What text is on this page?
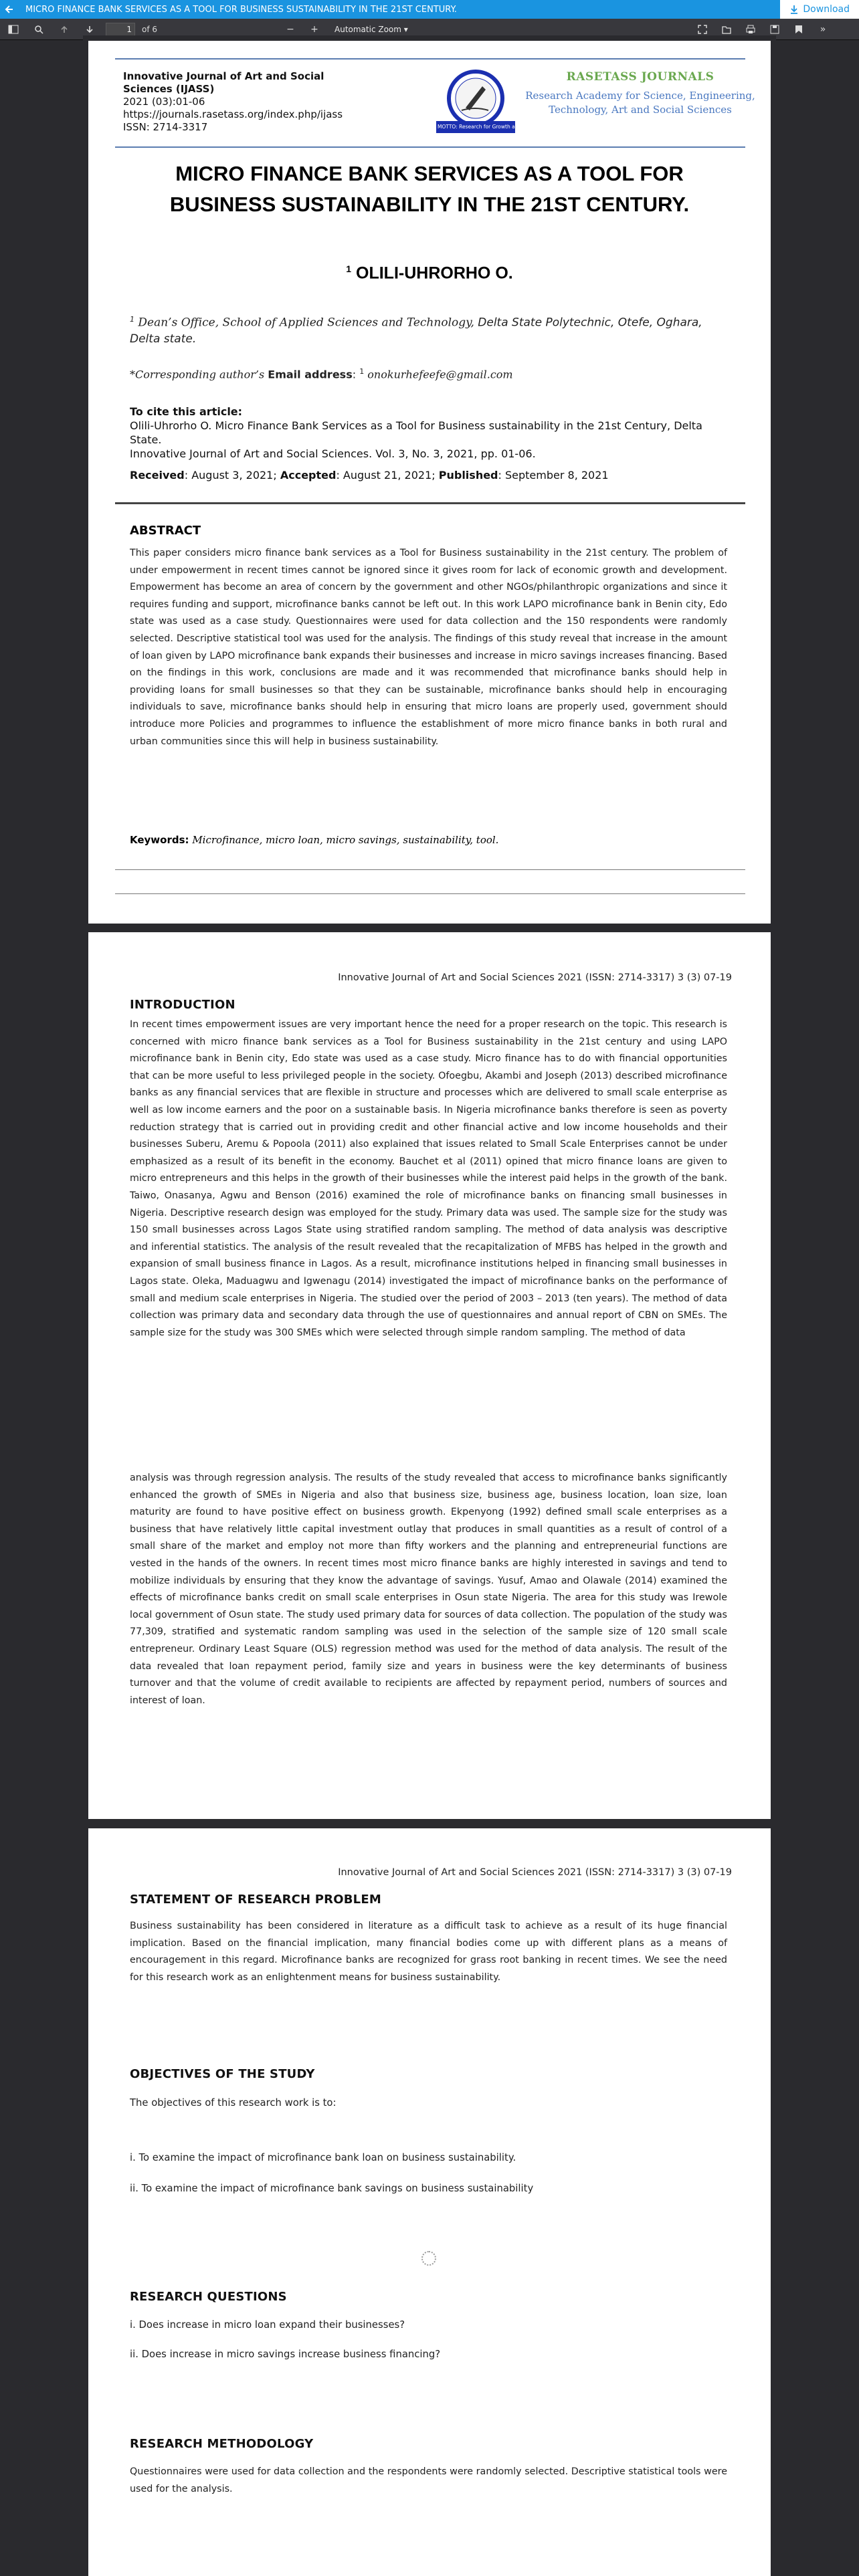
MICRO FINANCE BANK SERVICES AS A TOOL FOR BUSINESS SUSTAINABILITY IN THE 21ST CENTURY.	Download
1	of 6	−	+	Automatic Zoom ▾	»
Innovative Journal of Art and Social Sciences (IJASS)
2021 (03):01-06
https://journals.rasetass.org/index.php/ijass
ISSN: 2714-3317	MOTTO: Research for Growth and Development
RASETASS JOURNALS
Research Academy for Science, Engineering, Technology, Art and Social Sciences
MICRO FINANCE BANK SERVICES AS A TOOL FOR BUSINESS SUSTAINABILITY IN THE 21ST CENTURY.
$^1$ OLILI-UHRORHO O.
$^1$ Dean’s Office, School of Applied Sciences and Technology, Delta State Polytechnic, Otefe, Oghara, Delta state.
*Corresponding author’s Email address: $^1$ onokurhefeefe@gmail.com
To cite this article:
Olili-Uhrorho O. Micro Finance Bank Services as a Tool for Business sustainability in the 21st Century, Delta State.
Innovative Journal of Art and Social Sciences. Vol. 3, No. 3, 2021, pp. 01-06.
Received: August 3, 2021; Accepted: August 21, 2021; Published: September 8, 2021
ABSTRACT
This paper considers micro finance bank services as a Tool for Business sustainability in the 21st century. The problem of under empowerment in recent times cannot be ignored since it gives room for lack of economic growth and development. Empowerment has become an area of concern by the government and other NGOs/philanthropic organizations and since it requires funding and support, microfinance banks cannot be left out. In this work LAPO microfinance bank in Benin city, Edo state was used as a case study. Questionnaires were used for data collection and the 150 respondents were randomly selected. Descriptive statistical tool was used for the analysis. The findings of this study reveal that increase in the amount of loan given by LAPO microfinance bank expands their businesses and increase in micro savings increases financing. Based on the findings in this work, conclusions are made and it was recommended that microfinance banks should help in providing loans for small businesses so that they can be sustainable, microfinance banks should help in encouraging individuals to save, microfinance banks should help in ensuring that micro loans are properly used, government should introduce more Policies and programmes to influence the establishment of more micro finance banks in both rural and urban communities since this will help in business sustainability.
Keywords: Microfinance, micro loan, micro savings, sustainability, tool.
Innovative Journal of Art and Social Sciences 2021 (ISSN: 2714-3317) 3 (3) 07-19
INTRODUCTION
In recent times empowerment issues are very important hence the need for a proper research on the topic. This research is concerned with micro finance bank services as a Tool for Business sustainability in the 21st century and using LAPO microfinance bank in Benin city, Edo state was used as a case study. Micro finance has to do with financial opportunities that can be more useful to less privileged people in the society. Ofoegbu, Akambi and Joseph (2013) described microfinance banks as any financial services that are flexible in structure and processes which are delivered to small scale enterprise as well as low income earners and the poor on a sustainable basis. In Nigeria microfinance banks therefore is seen as poverty reduction strategy that is carried out in providing credit and other financial active and low income households and their businesses Suberu, Aremu & Popoola (2011) also explained that issues related to Small Scale Enterprises cannot be under emphasized as a result of its benefit in the economy. Bauchet et al (2011) opined that micro finance loans are given to micro entrepreneurs and this helps in the growth of their businesses while the interest paid helps in the growth of the bank. Taiwo, Onasanya, Agwu and Benson (2016) examined the role of microfinance banks on financing small businesses in Nigeria. Descriptive research design was employed for the study. Primary data was used. The sample size for the study was 150 small businesses across Lagos State using stratified random sampling. The method of data analysis was descriptive and inferential statistics. The analysis of the result revealed that the recapitalization of MFBS has helped in the growth and expansion of small business finance in Lagos. As a result, microfinance institutions helped in financing small businesses in Lagos state. Oleka, Maduagwu and Igwenagu (2014) investigated the impact of microfinance banks on the performance of small and medium scale enterprises in Nigeria. The studied over the period of 2003 – 2013 (ten years). The method of data collection was primary data and secondary data through the use of questionnaires and annual report of CBN on SMEs. The sample size for the study was 300 SMEs which were selected through simple random sampling. The method of data
analysis was through regression analysis. The results of the study revealed that access to microfinance banks significantly enhanced the growth of SMEs in Nigeria and also that business size, business age, business location, loan size, loan maturity are found to have positive effect on business growth. Ekpenyong (1992) defined small scale enterprises as a business that have relatively little capital investment outlay that produces in small quantities as a result of control of a small share of the market and employ not more than fifty workers and the planning and entrepreneurial functions are vested in the hands of the owners. In recent times most micro finance banks are highly interested in savings and tend to mobilize individuals by ensuring that they know the advantage of savings. Yusuf, Amao and Olawale (2014) examined the effects of microfinance banks credit on small scale enterprises in Osun state Nigeria. The area for this study was Irewole local government of Osun state. The study used primary data for sources of data collection. The population of the study was 77,309, stratified and systematic random sampling was used in the selection of the sample size of 120 small scale entrepreneur. Ordinary Least Square (OLS) regression method was used for the method of data analysis. The result of the data revealed that loan repayment period, family size and years in business were the key determinants of business turnover and that the volume of credit available to recipients are affected by repayment period, numbers of sources and interest of loan.
Innovative Journal of Art and Social Sciences 2021 (ISSN: 2714-3317) 3 (3) 07-19
STATEMENT OF RESEARCH PROBLEM
Business sustainability has been considered in literature as a difficult task to achieve as a result of its huge financial implication. Based on the financial implication, many financial bodies come up with different plans as a means of encouragement in this regard. Microfinance banks are recognized for grass root banking in recent times. We see the need for this research work as an enlightenment means for business sustainability.
OBJECTIVES OF THE STUDY
The objectives of this research work is to:
i. To examine the impact of microfinance bank loan on business sustainability.
ii. To examine the impact of microfinance bank savings on business sustainability
RESEARCH QUESTIONS
i. Does increase in micro loan expand their businesses?
ii. Does increase in micro savings increase business financing?
RESEARCH METHODOLOGY
Questionnaires were used for data collection and the respondents were randomly selected. Descriptive statistical tools were used for the analysis.
